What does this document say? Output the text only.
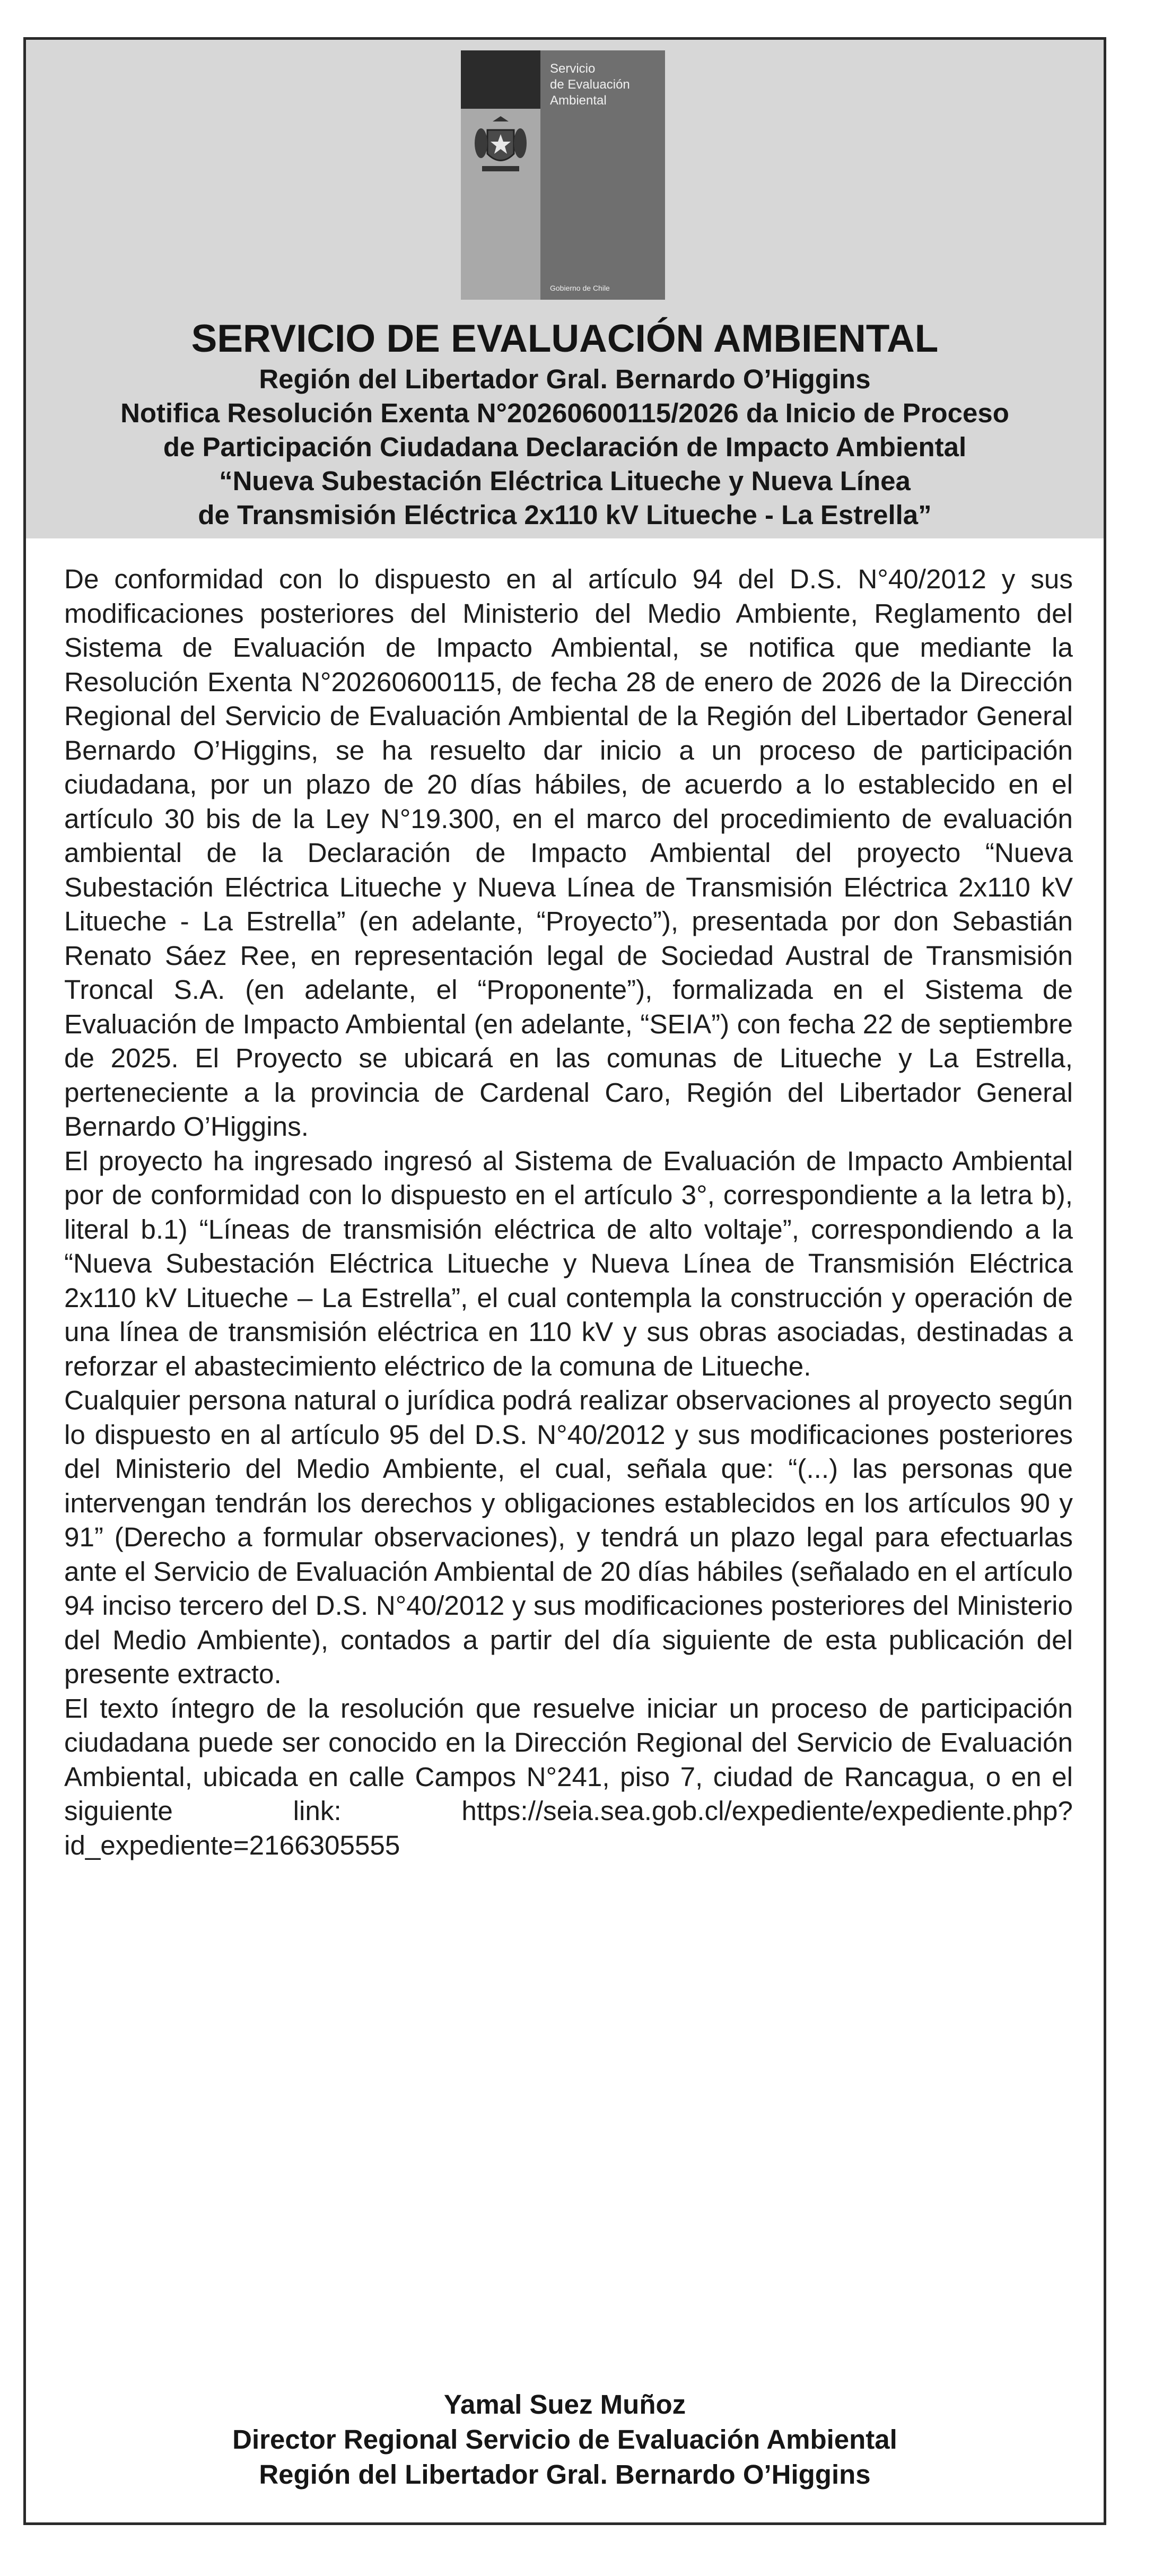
Servicio
de Evaluación
Ambiental
Gobierno de Chile
SERVICIO DE EVALUACIÓN AMBIENTAL
Región del Libertador Gral. Bernardo O’Higgins
Notifica Resolución Exenta N°20260600115/2026 da Inicio de Proceso
de Participación Ciudadana Declaración de Impacto Ambiental
“Nueva Subestación Eléctrica Litueche y Nueva Línea
de Transmisión Eléctrica 2x110 kV Litueche - La Estrella”

De conformidad con lo dispuesto en al artículo 94 del D.S. N°40/2012 y sus modificaciones posteriores del Ministerio del Medio Ambiente, Reglamento del Sistema de Evaluación de Impacto Ambiental, se notifica que mediante la Resolución Exenta N°20260600115, de fecha 28 de enero de 2026 de la Dirección Regional del Servicio de Evaluación Ambiental de la Región del Libertador General Bernardo O’Higgins, se ha resuelto dar inicio a un proceso de participación ciudadana, por un plazo de 20 días hábiles, de acuerdo a lo establecido en el artículo 30 bis de la Ley N°19.300, en el marco del procedimiento de evaluación ambiental de la Declaración de Impacto Ambiental del proyecto “Nueva Subestación Eléctrica Litueche y Nueva Línea de Transmisión Eléctrica 2x110 kV Litueche - La Estrella” (en adelante, “Proyecto”), presentada por don Sebastián Renato Sáez Ree, en representación legal de Sociedad Austral de Transmisión Troncal S.A. (en adelante, el “Proponente”), formalizada en el Sistema de Evaluación de Impacto Ambiental (en adelante, “SEIA”) con fecha 22 de septiembre de 2025. El Proyecto se ubicará en las comunas de Litueche y La Estrella, perteneciente a la provincia de Cardenal Caro, Región del Libertador General Bernardo O’Higgins.

El proyecto ha ingresado ingresó al Sistema de Evaluación de Impacto Ambiental por de conformidad con lo dispuesto en el artículo 3°, correspondiente a la letra b), literal b.1) “Líneas de transmisión eléctrica de alto voltaje”, correspondiendo a la “Nueva Subestación Eléctrica Litueche y Nueva Línea de Transmisión Eléctrica 2x110 kV Litueche – La Estrella”, el cual contempla la construcción y operación de una línea de transmisión eléctrica en 110 kV y sus obras asociadas, destinadas a reforzar el abastecimiento eléctrico de la comuna de Litueche.

Cualquier persona natural o jurídica podrá realizar observaciones al proyecto según lo dispuesto en al artículo 95 del D.S. N°40/2012 y sus modificaciones posteriores del Ministerio del Medio Ambiente, el cual, señala que: “(...) las personas que intervengan tendrán los derechos y obligaciones establecidos en los artículos 90 y 91” (Derecho a formular observaciones), y tendrá un plazo legal para efectuarlas ante el Servicio de Evaluación Ambiental de 20 días hábiles (señalado en el artículo 94 inciso tercero del D.S. N°40/2012 y sus modificaciones posteriores del Ministerio del Medio Ambiente), contados a partir del día siguiente de esta publicación del presente extracto.

El texto íntegro de la resolución que resuelve iniciar un proceso de participación ciudadana puede ser conocido en la Dirección Regional del Servicio de Evaluación Ambiental, ubicada en calle Campos N°241, piso 7, ciudad de Rancagua, o en el siguiente link: https://seia.sea.gob.cl/expediente/expediente.php?id_expediente=2166305555

Yamal Suez Muñoz
Director Regional Servicio de Evaluación Ambiental
Región del Libertador Gral. Bernardo O’Higgins
